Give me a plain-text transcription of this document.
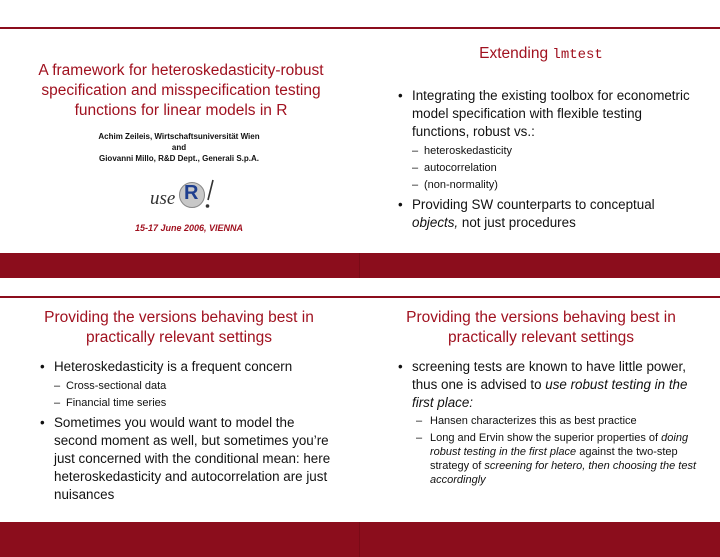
A framework for heteroskedasticity-robust specification and misspecification testing functions for linear models in R
Achim Zeileis, Wirtschaftsuniversität Wien
and
Giovanni Millo, R&D Dept., Generali S.p.A.
use R
15-17 June 2006, VIENNA
Extending lmtest
• Integrating the existing toolbox for econometric model specification with flexible testing functions, robust vs.:
– heteroskedasticity
– autocorrelation
– (non-normality)
• Providing SW counterparts to conceptual objects, not just procedures
Providing the versions behaving best in practically relevant settings
• Heteroskedasticity is a frequent concern
– Cross-sectional data
– Financial time series
• Sometimes you would want to model the second moment as well, but sometimes you’re just concerned with the conditional mean: here heteroskedasticity and autocorrelation are just nuisances
Providing the versions behaving best in practically relevant settings
• screening tests are known to have little power, thus one is advised to use robust testing in the first place:
– Hansen characterizes this as best practice
– Long and Ervin show the superior properties of doing robust testing in the first place against the two-step strategy of screening for hetero, then choosing the test accordingly
